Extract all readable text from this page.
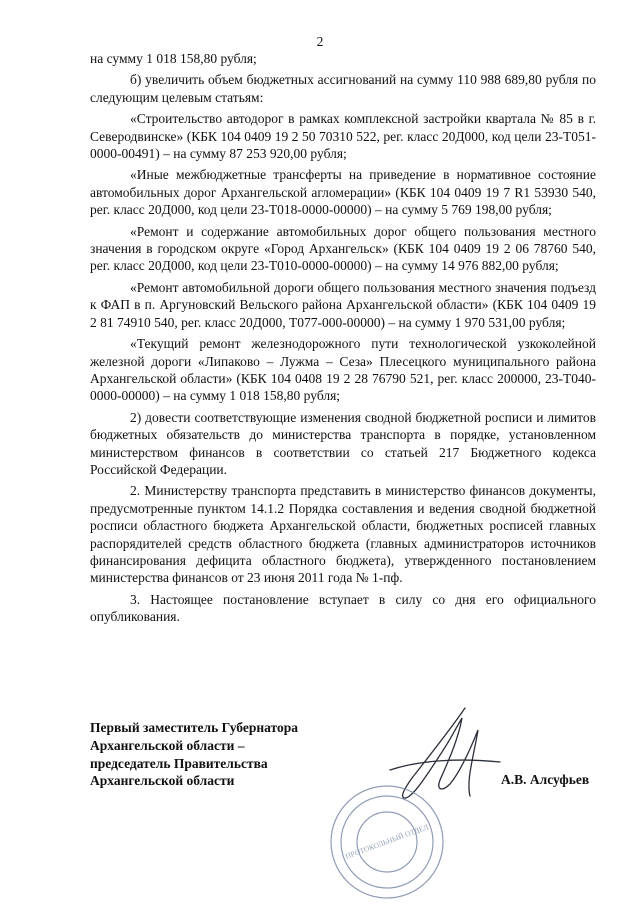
2

на сумму 1 018 158,80 рубля;

б) увеличить объем бюджетных ассигнований на сумму 110 988 689,80 рубля по следующим целевым статьям:

«Строительство автодорог в рамках комплексной застройки квартала № 85 в г. Северодвинске» (КБК 104 0409 19 2 50 70310 522, рег. класс 20Д000, код цели 23-Т051-0000-00491) – на сумму 87 253 920,00 рубля;

«Иные межбюджетные трансферты на приведение в нормативное состояние автомобильных дорог Архангельской агломерации» (КБК 104 0409 19 7 R1 53930 540, рег. класс 20Д000, код цели 23-Т018-0000-00000) – на сумму 5 769 198,00 рубля;

«Ремонт и содержание автомобильных дорог общего пользования местного значения в городском округе «Город Архангельск» (КБК 104 0409 19 2 06 78760 540, рег. класс 20Д000, код цели 23-Т010-0000-00000) – на сумму 14 976 882,00 рубля;

«Ремонт автомобильной дороги общего пользования местного значения подъезд к ФАП в п. Аргуновский Вельского района Архангельской области» (КБК 104 0409 19 2 81 74910 540, рег. класс 20Д000, Т077-000-00000) – на сумму 1 970 531,00 рубля;

«Текущий ремонт железнодорожного пути технологической узкоколейной железной дороги «Липаково – Лужма – Сеза» Плесецкого муниципального района Архангельской области» (КБК 104 0408 19 2 28 76790 521, рег. класс 200000, 23-Т040-0000-00000) – на сумму 1 018 158,80 рубля;

2) довести соответствующие изменения сводной бюджетной росписи и лимитов бюджетных обязательств до министерства транспорта в порядке, установленном министерством финансов в соответствии со статьей 217 Бюджетного кодекса Российской Федерации.

2. Министерству транспорта представить в министерство финансов документы, предусмотренные пунктом 14.1.2 Порядка составления и ведения сводной бюджетной росписи областного бюджета Архангельской области, бюджетных росписей главных распорядителей средств областного бюджета (главных администраторов источников финансирования дефицита областного бюджета), утвержденного постановлением министерства финансов от 23 июня 2011 года № 1-пф.

3. Настоящее постановление вступает в силу со дня его официального опубликования.

Первый заместитель Губернатора
Архангельской области –
председатель Правительства
Архангельской области
ПРОТОКОЛЬНЫЙ ОТДЕЛ
А.В. Алсуфьев
